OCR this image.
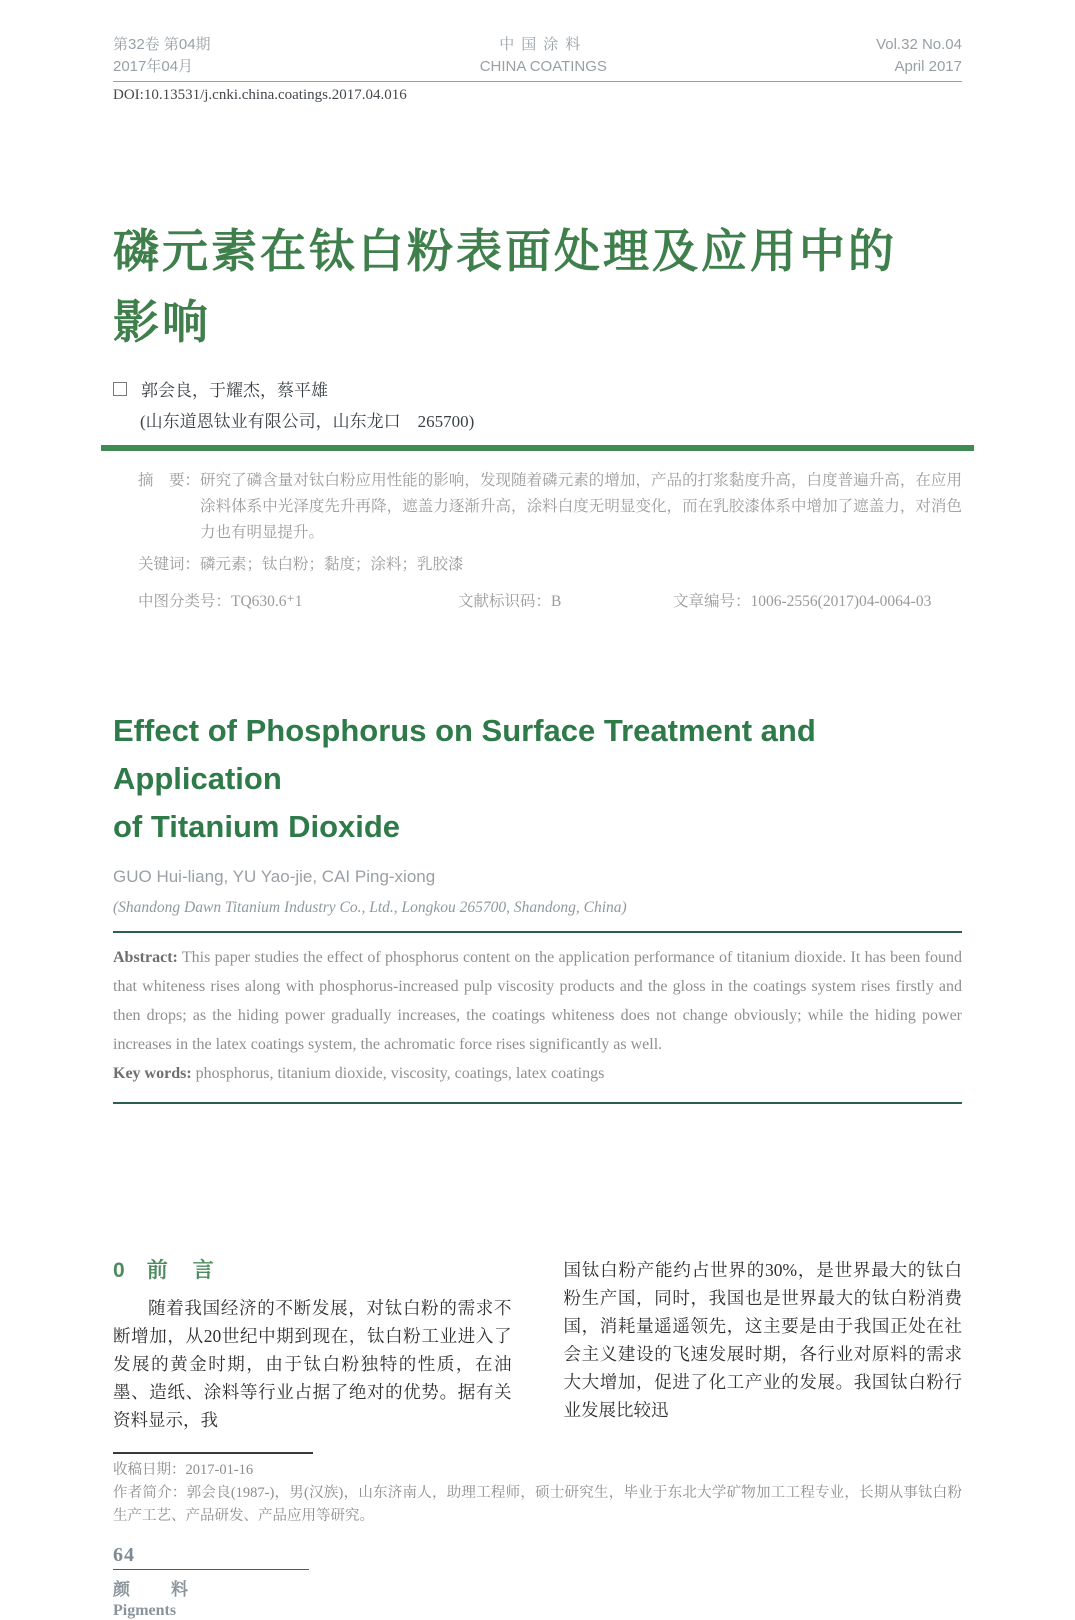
第32卷 第04期
2017年04月
中国涂料
CHINA COATINGS
Vol.32 No.04
April 2017
DOI:10.13531/j.cnki.china.coatings.2017.04.016
磷元素在钛白粉表面处理及应用中的
影响
郭会良，于耀杰，蔡平雄
(山东道恩钛业有限公司，山东龙口　265700)
摘　要： 研究了磷含量对钛白粉应用性能的影响，发现随着磷元素的增加，产品的打浆黏度升高，白度普遍升高，在应用涂料体系中光泽度先升再降，遮盖力逐渐升高，涂料白度无明显变化，而在乳胶漆体系中增加了遮盖力，对消色力也有明显提升。
关键词：磷元素；钛白粉；黏度；涂料；乳胶漆
中图分类号：TQ630.6⁺1	文献标识码：B	文章编号：1006-2556(2017)04-0064-03
Effect of Phosphorus on Surface Treatment and Application
of Titanium Dioxide
GUO Hui-liang, YU Yao-jie, CAI Ping-xiong
(Shandong Dawn Titanium Industry Co., Ltd., Longkou 265700, Shandong, China)
Abstract: This paper studies the effect of phosphorus content on the application performance of titanium dioxide. It has been found that whiteness rises along with phosphorus-increased pulp viscosity products and the gloss in the coatings system rises firstly and then drops; as the hiding power gradually increases, the coatings whiteness does not change obviously; while the hiding power increases in the latex coatings system, the achromatic force rises significantly as well.
Key words: phosphorus, titanium dioxide, viscosity, coatings, latex coatings
0 前　言

随着我国经济的不断发展，对钛白粉的需求不断增加，从20世纪中期到现在，钛白粉工业进入了发展的黄金时期，由于钛白粉独特的性质，在油墨、造纸、涂料等行业占据了绝对的优势。据有关资料显示，我

国钛白粉产能约占世界的30%，是世界最大的钛白粉生产国，同时，我国也是世界最大的钛白粉消费国，消耗量遥遥领先，这主要是由于我国正处在社会主义建设的飞速发展时期，各行业对原料的需求大大增加，促进了化工产业的发展。我国钛白粉行业发展比较迅

收稿日期：2017-01-16

作者简介：郭会良(1987-)，男(汉族)，山东济南人，助理工程师，硕士研究生，毕业于东北大学矿物加工工程专业，长期从事钛白粉生产工艺、产品研发、产品应用等研究。

64
颜　料
Pigments
